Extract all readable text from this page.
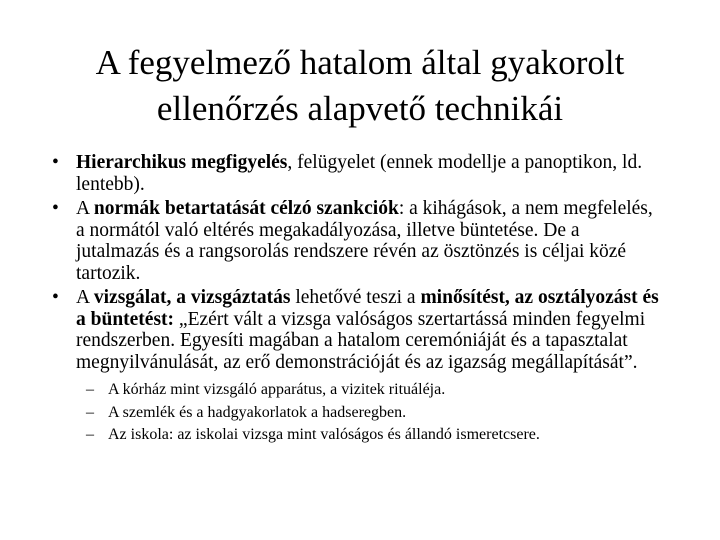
A fegyelmező hatalom által gyakorolt
ellenőrzés alapvető technikái
• Hierarchikus megfigyelés, felügyelet (ennek modellje a panoptikon, ld. lentebb).
• A normák betartatását célzó szankciók: a kihágások, a nem megfelelés, a normától való eltérés megakadályozása, illetve büntetése. De a jutalmazás és a rangsorolás rendszere révén az ösztönzés is céljai közé tartozik.
• A vizsgálat, a vizsgáztatás lehetővé teszi a minősítést, az osztályozást és a büntetést: „Ezért vált a vizsga valóságos szertartássá minden fegyelmi rendszerben. Egyesíti magában a hatalom ceremóniáját és a tapasztalat megnyilvánulását, az erő demonstrációját és az igazság megállapítását”.
– A kórház mint vizsgáló apparátus, a vizitek rituáléja.
– A szemlék és a hadgyakorlatok a hadseregben.
– Az iskola: az iskolai vizsga mint valóságos és állandó ismeretcsere.
